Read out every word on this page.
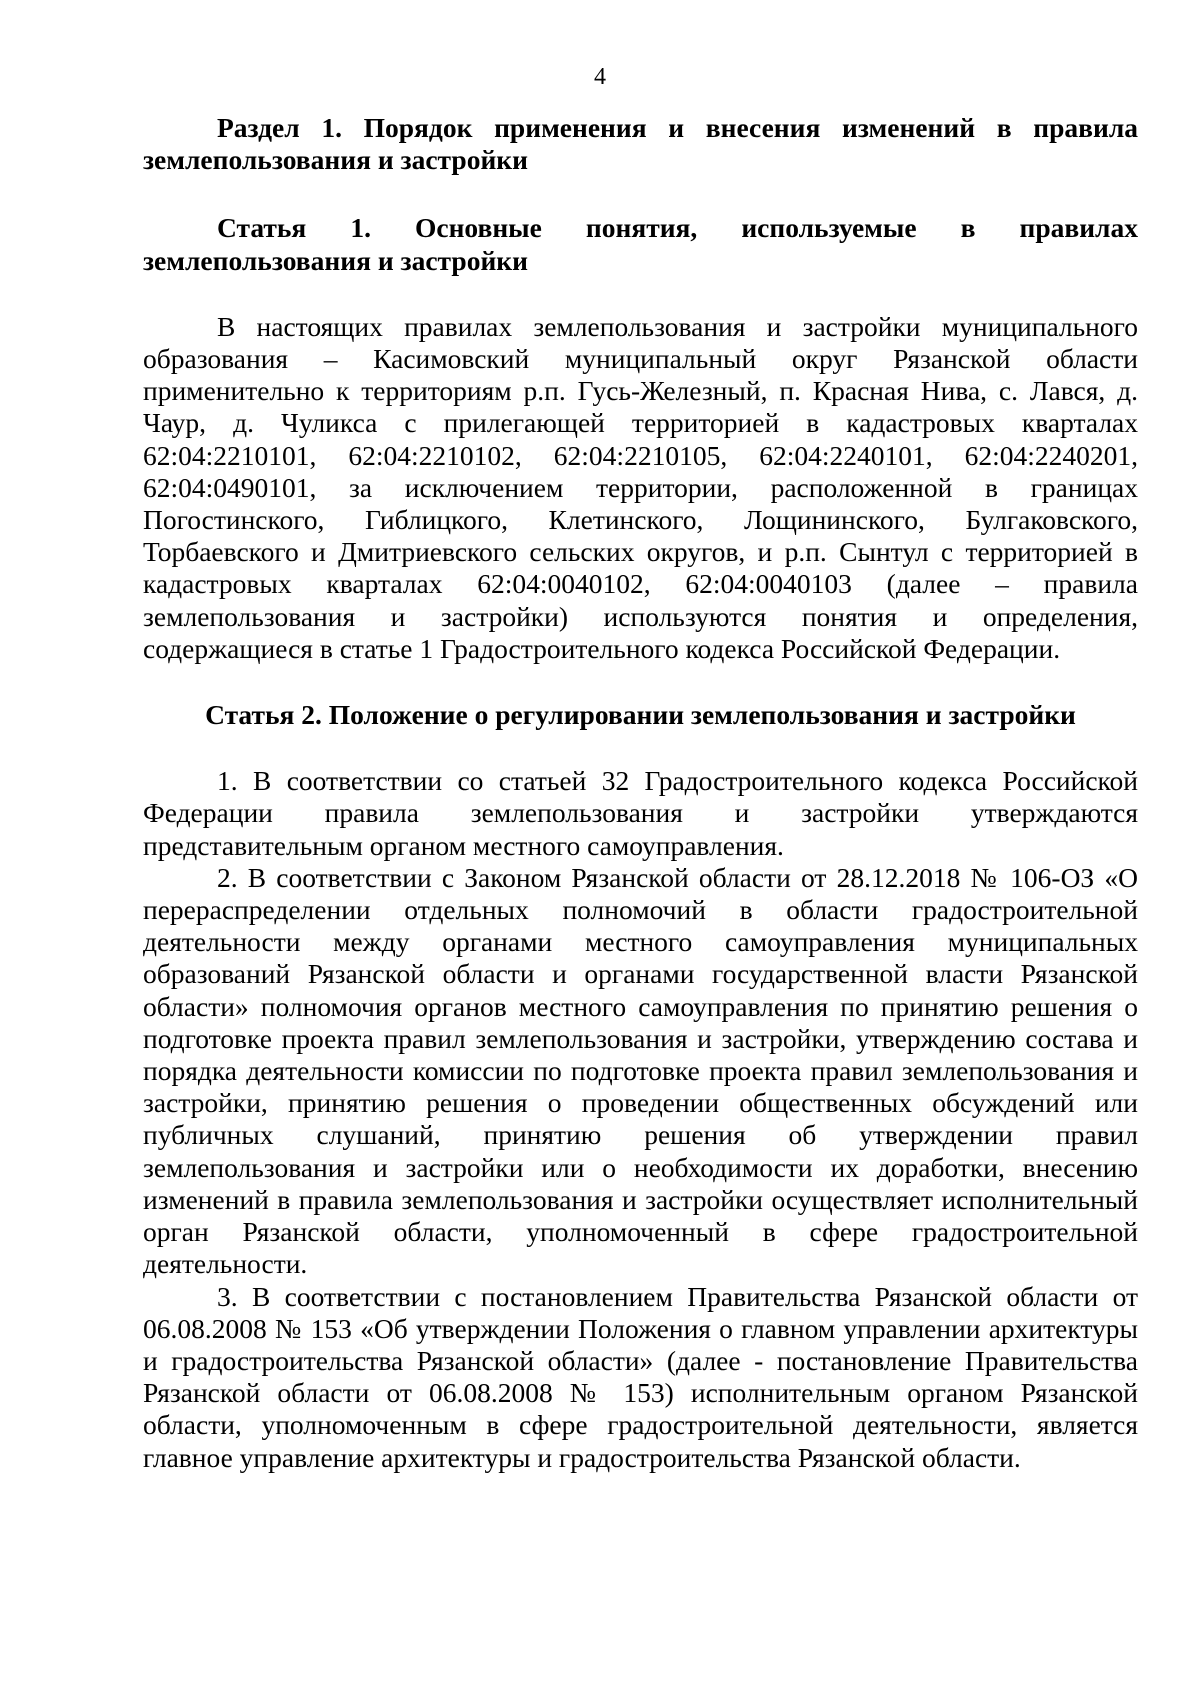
4

Раздел 1. Порядок применения и внесения изменений в правила землепользования и застройки

Статья 1. Основные понятия, используемые в правилах землепользования и застройки

В настоящих правилах землепользования и застройки муниципального образования – Касимовский муниципальный округ Рязанской области применительно к территориям р.п. Гусь-Железный, п. Красная Нива, с. Лався, д. Чаур, д. Чуликса с прилегающей территорией в кадастровых кварталах 62:04:2210101, 62:04:2210102, 62:04:2210105, 62:04:2240101, 62:04:2240201, 62:04:0490101, за исключением территории, расположенной в границах Погостинского, Гиблицкого, Клетинского, Лощининского, Булгаковского, Торбаевского и Дмитриевского сельских округов, и р.п. Сынтул с территорией в кадастровых кварталах 62:04:0040102, 62:04:0040103 (далее – правила землепользования и застройки) используются понятия и определения, содержащиеся в статье 1 Градостроительного кодекса Российской Федерации.

Статья 2. Положение о регулировании землепользования и застройки

1. В соответствии со статьей 32 Градостроительного кодекса Российской Федерации правила землепользования и застройки утверждаются представительным органом местного самоуправления.

2. В соответствии с Законом Рязанской области от 28.12.2018 № 106-ОЗ «О перераспределении отдельных полномочий в области градостроительной деятельности между органами местного самоуправления муниципальных образований Рязанской области и органами государственной власти Рязанской области» полномочия органов местного самоуправления по принятию решения о подготовке проекта правил землепользования и застройки, утверждению состава и порядка деятельности комиссии по подготовке проекта правил землепользования и застройки, принятию решения о проведении общественных обсуждений или публичных слушаний, принятию решения об утверждении правил землепользования и застройки или о необходимости их доработки, внесению изменений в правила землепользования и застройки осуществляет исполнительный орган Рязанской области, уполномоченный в сфере градостроительной деятельности.

3. В соответствии с постановлением Правительства Рязанской области от 06.08.2008 № 153 «Об утверждении Положения о главном управлении архитектуры и градостроительства Рязанской области» (далее - постановление Правительства Рязанской области от 06.08.2008 № 153) исполнительным органом Рязанской области, уполномоченным в сфере градостроительной деятельности, является главное управление архитектуры и градостроительства Рязанской области.
